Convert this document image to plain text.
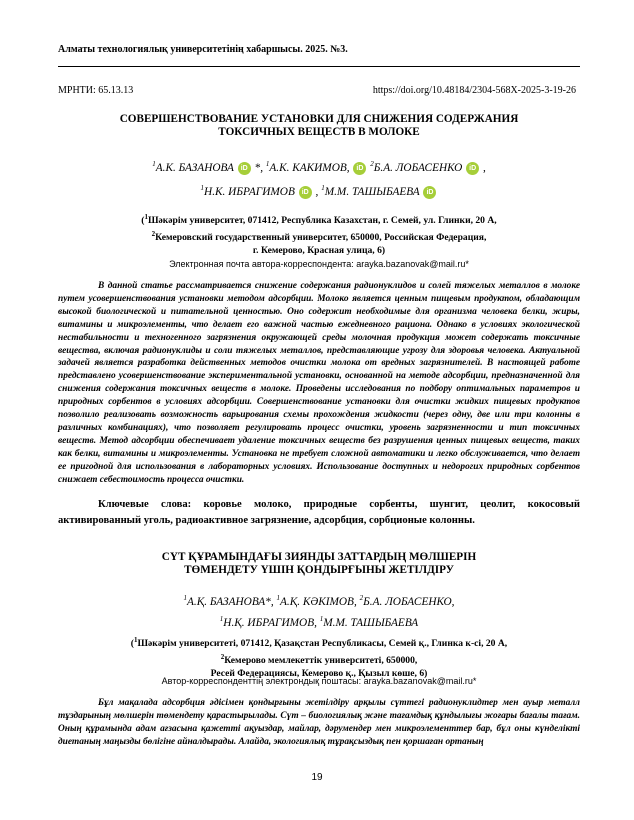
Алматы технологиялық университетінің хабаршысы. 2025. №3.
МРНТИ: 65.13.13	https://doi.org/10.48184/2304-568X-2025-3-19-26
СОВЕРШЕНСТВОВАНИЕ УСТАНОВКИ ДЛЯ СНИЖЕНИЯ СОДЕРЖАНИЯ
ТОКСИЧНЫХ ВЕЩЕСТВ В МОЛОКЕ
$^1$А.К. БАЗАНОВА iD *, $^1$А.К. КАКИМОВ, iD $^2$Б.А. ЛОБАСЕНКО iD ,
$^1$Н.К. ИБРАГИМОВ iD , $^1$М.М. ТАШЫБАЕВА iD
($^1$Шәкәрім университет, 071412, Республика Казахстан, г. Семей, ул. Глинки, 20 А,
$^2$Кемеровский государственный университет, 650000, Российская Федерация,
г. Кемерово, Красная улица, 6)
Электронная почта автора-корреспондента: arayka.bazanovak@mail.ru*

В данной статье рассматривается снижение содержания радионуклидов и солей тяжелых металлов в молоке путем усовершенствования установки методом адсорбции. Молоко является ценным пищевым продуктом, обладающим высокой биологической и питательной ценностью. Оно содержит необходимые для организма человека белки, жиры, витамины и микроэлементы, что делает его важной частью ежедневного рациона. Однако в условиях экологической нестабильности и техногенного загрязнения окружающей среды молочная продукция может содержать токсичные вещества, включая радионуклиды и соли тяжелых металлов, представляющие угрозу для здоровья человека. Актуальной задачей является разработка действенных методов очистки молока от вредных загрязнителей. В настоящей работе представлено усовершенствование экспериментальной установки, основанной на методе адсорбции, предназначенной для снижения содержания токсичных веществ в молоке. Проведены исследования по подбору оптимальных параметров и природных сорбентов в условиях адсорбции. Совершенствование установки для очистки жидких пищевых продуктов позволило реализовать возможность варьирования схемы прохождения жидкости (через одну, две или три колонны в различных комбинациях), что позволяет регулировать процесс очистки, уровень загрязненности и тип токсичных веществ. Метод адсорбции обеспечивает удаление токсичных веществ без разрушения ценных пищевых веществ, таких как белки, витамины и микроэлементы. Установка не требует сложной автоматики и легко обслуживается, что делает ее пригодной для использования в лабораторных условиях. Использование доступных и недорогих природных сорбентов снижает себестоимость процесса очистки.

Ключевые слова: коровье молоко, природные сорбенты, шунгит, цеолит, кокосовый активированный уголь, радиоактивное загрязнение, адсорбция, сорбционые колонны.

СҮТ ҚҰРАМЫНДАҒЫ ЗИЯНДЫ ЗАТТАРДЫҢ МӨЛШЕРІН
ТӨМЕНДЕТУ ҮШІН ҚОНДЫРҒЫНЫ ЖЕТІЛДІРУ
$^1$А.Қ. БАЗАНОВА*, $^1$А.Қ. КӘКІМОВ, $^2$Б.А. ЛОБАСЕНКО,
$^1$Н.Қ. ИБРАГИМОВ, $^1$М.М. ТАШЫБАЕВА
($^1$Шәкәрім университеті, 071412, Қазақстан Республикасы, Семей қ., Глинка к-сі, 20 А,
$^2$Кемерово мемлекеттік университеті, 650000,
Ресей Федерациясы, Кемерово қ., Қызыл көше, 6)
Автор-корреспонденттің электрондық поштасы: arayka.bazanovak@mail.ru*

Бұл мақалада адсорбция әдісімен қондырғыны жетілдіру арқылы сүттегі радионуклидтер мен ауыр металл тұздарының мөлшерін төмендету қарастырылады. Сүт – биологиялық және тағамдық құндылығы жоғары бағалы тағам. Оның құрамында адам ағзасына қажетті ақуыздар, майлар, дәрумендер мен микроэлементтер бар, бұл оны күнделікті диетаның маңызды бөлігіне айналдырады. Алайда, экологиялық тұрақсыздық пен қоршаған ортаның

19
